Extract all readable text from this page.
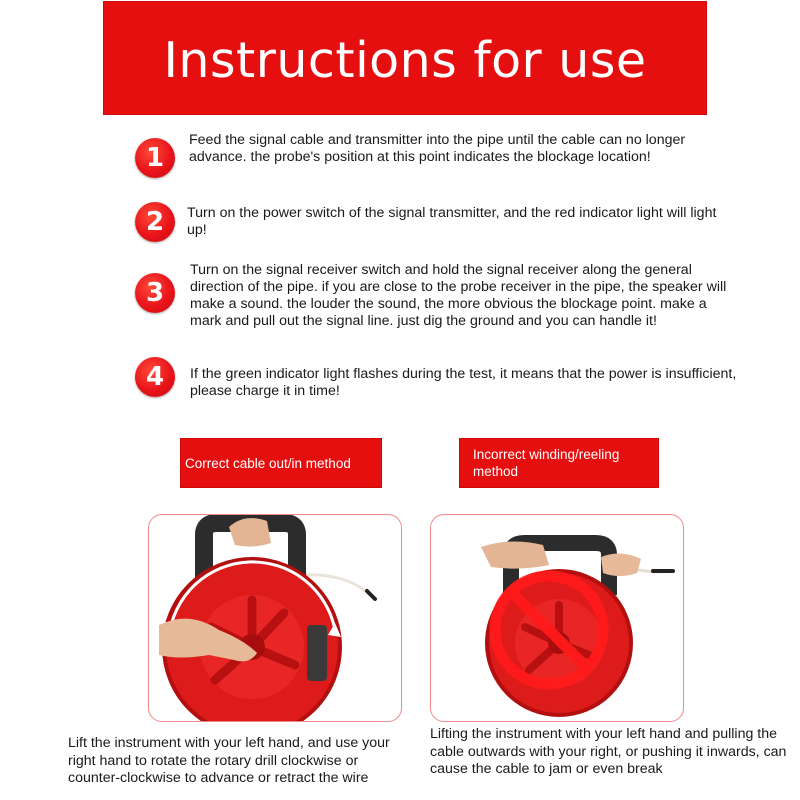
Instructions for use
1
Feed the signal cable and transmitter into the pipe until the cable can no longer advance. the probe's position at this point indicates the blockage location!
2	Turn on the power switch of the signal transmitter, and the red indicator light will light up!
3
Turn on the signal receiver switch and hold the signal receiver along the general direction of the pipe. if you are close to the probe receiver in the pipe, the speaker will make a sound. the louder the sound, the more obvious the blockage point. make a mark and pull out the signal line. just dig the ground and you can handle it!
4	If the green indicator light flashes during the test, it means that the power is insufficient, please charge it in time!
Correct cable out/in method
Incorrect winding/reeling method
Lift the instrument with your left hand, and use your right hand to rotate the rotary drill clockwise or counter-clockwise to advance or retract the wire
Lifting the instrument with your left hand and pulling the cable outwards with your right, or pushing it inwards, can cause the cable to jam or even break
